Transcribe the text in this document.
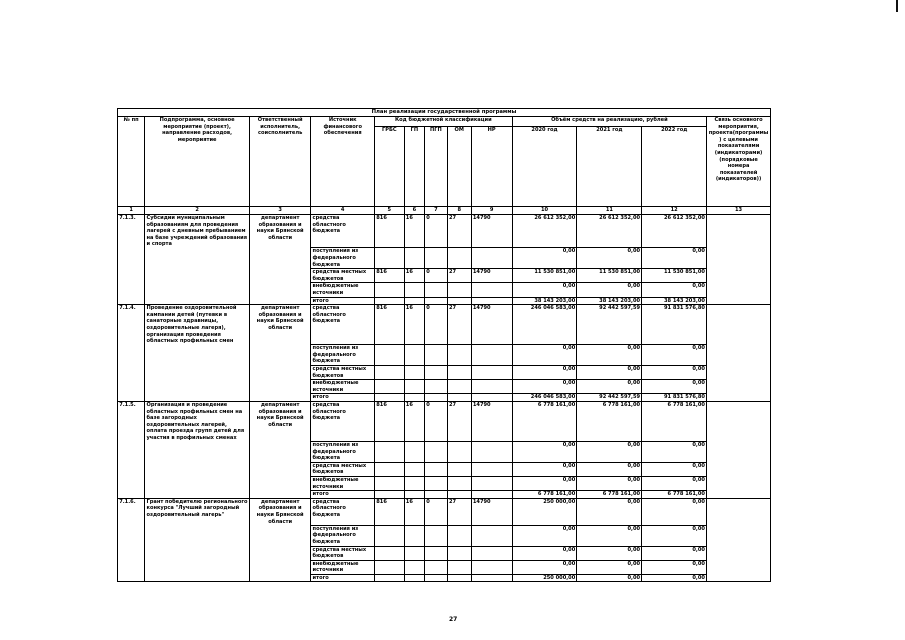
План реализации государственной программы												
№ пп	Подпрограмма, основное мероприятие (проект), направление расходов, мероприятие	Ответственный исполнитель, соисполнитель	Источник финансового обеспечения	Код бюджетной классификации					Объём средств на реализацию, рублей			Связь основного мероприятия, проекта(программы) с целевыми показателями (индикаторами) (порядковые номера показателей (индикаторов))
				ГРБС	ГП	ПГП	ОМ	НР	2020 год	2021 год	2022 год	
1	2	3	4	5	6	7	8	9	10	11	12	13
7.1.3.	Субсидии муниципальным образованиям для проведения лагерей с дневным пребыванием на базе учреждений образования и спорта	департамент образования и науки Брянской области	средства областного бюджета	816	16	0	27	14790	26 612 352,00	26 612 352,00	26 612 352,00	
			поступления из федерального бюджета						0,00	0,00	0,00	
			средства местных бюджетов	816	16	0	27	14790	11 530 851,00	11 530 851,00	11 530 851,00	
			внебюджетные источники						0,00	0,00	0,00	
			итого						38 143 203,00	38 143 203,00	38 143 203,00	
7.1.4.	Проведение оздоровительной кампании детей (путевки в санаторные здравницы, оздоровительные лагеря), организация проведения областных профильных смен	департамент образования и науки Брянской области	средства областного бюджета	816	16	0	27	14790	246 046 583,00	92 442 597,59	91 831 576,80	
			поступления из федерального бюджета						0,00	0,00	0,00	
			средства местных бюджетов						0,00	0,00	0,00	
			внебюджетные источники						0,00	0,00	0,00	
			итого						246 046 583,00	92 442 597,59	91 831 576,80	
7.1.5.	Организация и проведение областных профильных смен на базе загородных оздоровительных лагерей, оплата проезда групп детей для участия в профильных сменах	департамент образования и науки Брянской области	средства областного бюджета	816	16	0	27	14790	6 778 161,00	6 778 161,00	6 778 161,00	
			поступления из федерального бюджета						0,00	0,00	0,00	
			средства местных бюджетов						0,00	0,00	0,00	
			внебюджетные источники						0,00	0,00	0,00	
			итого						6 778 161,00	6 778 161,00	6 778 161,00	
7.1.6.	Грант победителю регионального конкурса "Лучший загородный оздоровительный лагерь"	департамент образования и науки Брянской области	средства областного бюджета	816	16	0	27	14790	250 000,00	0,00	0,00	
			поступления из федерального бюджета						0,00	0,00	0,00	
			средства местных бюджетов						0,00	0,00	0,00	
			внебюджетные источники						0,00	0,00	0,00	
			итого						250 000,00	0,00	0,00	
27
